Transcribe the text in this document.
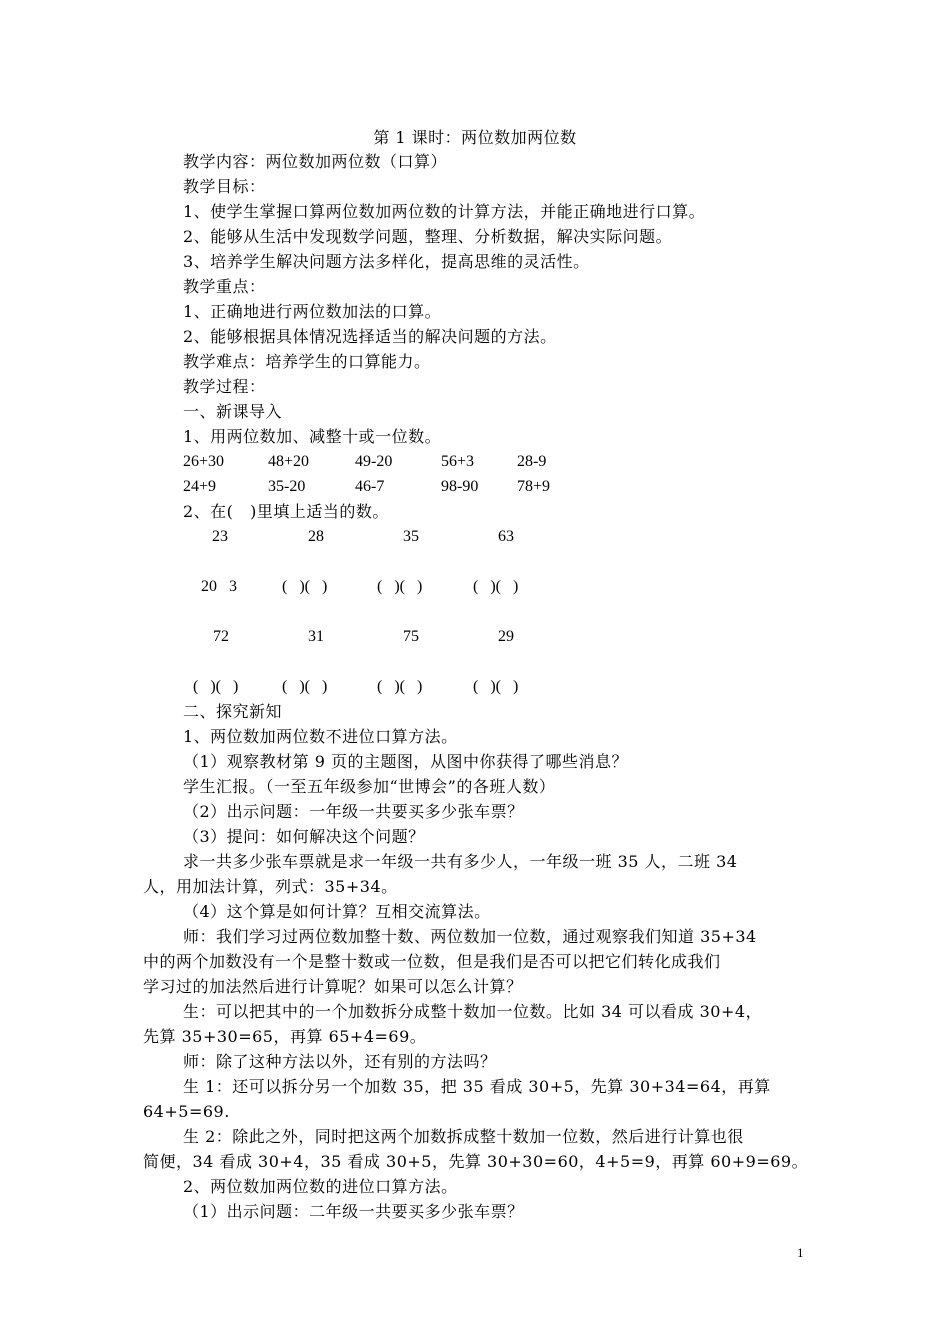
第 1 课时：两位数加两位数
教学内容：两位数加两位数（口算）
教学目标：
1、使学生掌握口算两位数加两位数的计算方法，并能正确地进行口算。
2、能够从生活中发现数学问题，整理、分析数据，解决实际问题。
3、培养学生解决问题方法多样化，提高思维的灵活性。
教学重点：
1、正确地进行两位数加法的口算。
2、能够根据具体情况选择适当的解决问题的方法。
教学难点：培养学生的口算能力。
教学过程：
一、新课导入
1、用两位数加、减整十或一位数。
26+30	48+20	49-20	56+3	28-9
24+9	35-20	46-7	98-90 78+9
2、在(   )里填上适当的数。
23	28	35	63
20   3	(   )(   )	(   )(   )	(   )(   )
72	31	75	29
(   )(   )	(   )(   )	(   )(   )	(   )(   )
二、探究新知
1、两位数加两位数不进位口算方法。
（1）观察教材第 9 页的主题图，从图中你获得了哪些消息？
学生汇报。（一至五年级参加“世博会”的各班人数）
（2）出示问题：一年级一共要买多少张车票？
（3）提问：如何解决这个问题？
求一共多少张车票就是求一年级一共有多少人，一年级一班 35 人，二班 34
人，用加法计算，列式：35+34。
（4）这个算是如何计算？互相交流算法。
师：我们学习过两位数加整十数、两位数加一位数，通过观察我们知道 35+34
中的两个加数没有一个是整十数或一位数，但是我们是否可以把它们转化成我们
学习过的加法然后进行计算呢？如果可以怎么计算？
生：可以把其中的一个加数拆分成整十数加一位数。比如 34 可以看成 30+4，
先算 35+30=65，再算 65+4=69。
师：除了这种方法以外，还有别的方法吗？
生 1：还可以拆分另一个加数 35，把 35 看成 30+5，先算 30+34=64，再算
64+5=69.
生 2：除此之外，同时把这两个加数拆成整十数加一位数，然后进行计算也很
简便，34 看成 30+4，35 看成 30+5，先算 30+30=60，4+5=9，再算 60+9=69。
2、两位数加两位数的进位口算方法。
（1）出示问题：二年级一共要买多少张车票？
1
